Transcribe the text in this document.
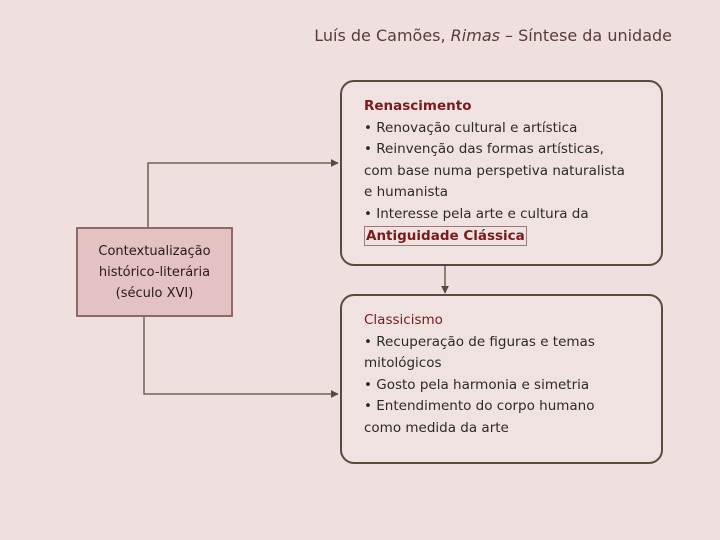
Luís de Camões, Rimas – Síntese da unidade
Contextualização
histórico-literária
(século XVI)
Renascimento
• Renovação cultural e artística
• Reinvenção das formas artísticas,
com base numa perspetiva naturalista
e humanista
• Interesse pela arte e cultura da
Antiguidade Clássica
Classicismo
• Recuperação de figuras e temas
mitológicos
• Gosto pela harmonia e simetria
• Entendimento do corpo humano
como medida da arte
